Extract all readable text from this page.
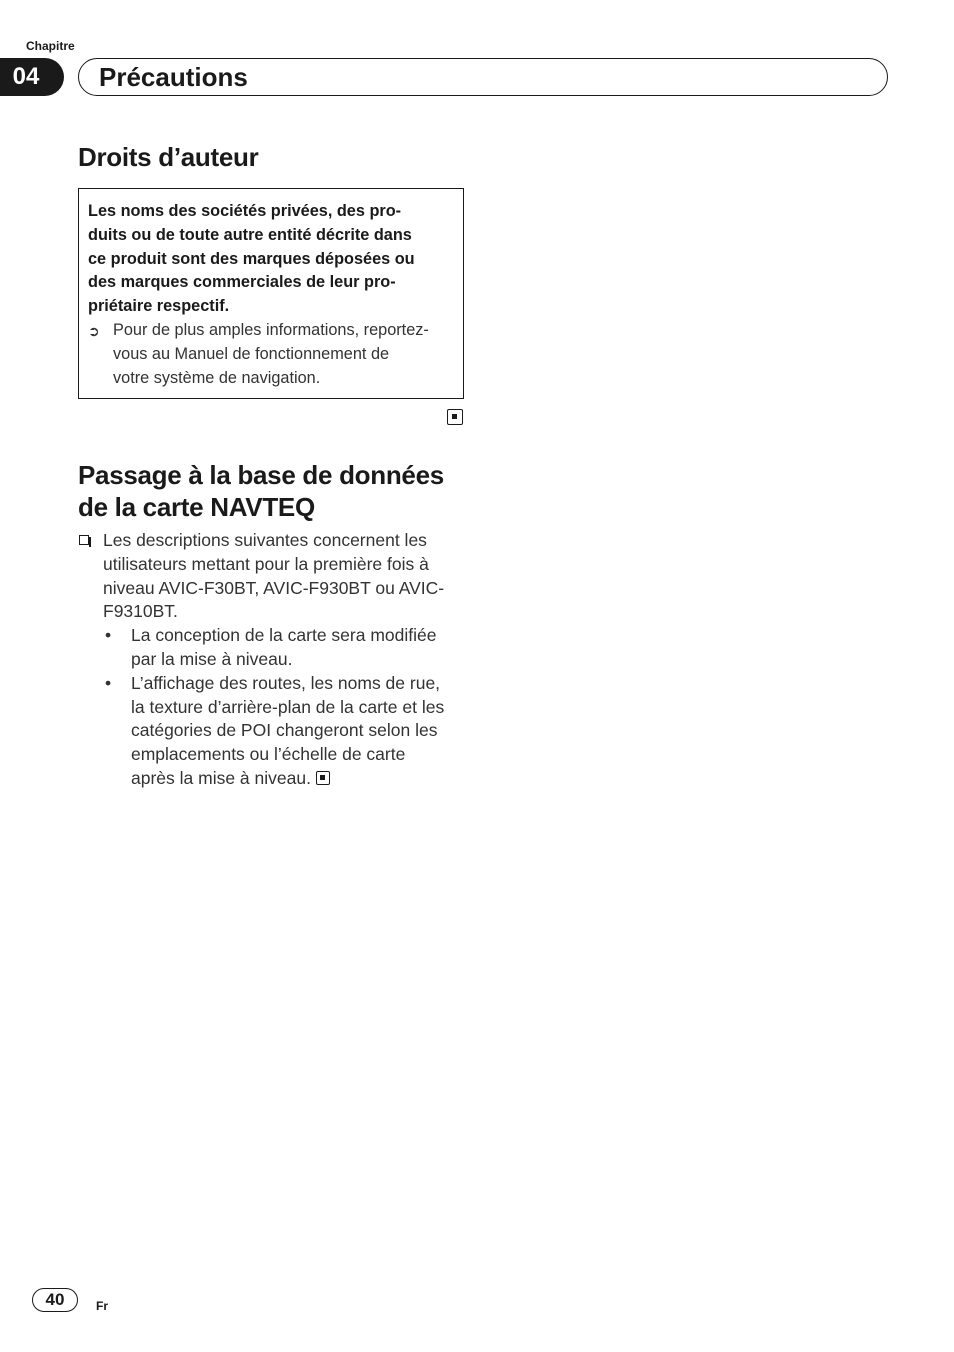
Chapitre
04	Précautions
Droits d’auteur
Les noms des sociétés privées, des pro-
duits ou de toute autre entité décrite dans
ce produit sont des marques déposées ou
des marques commerciales de leur pro-
priétaire respectif.
➲ Pour de plus amples informations, reportez-
vous au Manuel de fonctionnement de
votre système de navigation.
Passage à la base de données
de la carte NAVTEQ
Les descriptions suivantes concernent les
utilisateurs mettant pour la première fois à
niveau AVIC-F30BT, AVIC-F930BT ou AVIC-
F9310BT.
•	La conception de la carte sera modifiée
par la mise à niveau.
•	L’affichage des routes, les noms de rue,
la texture d’arrière-plan de la carte et les
catégories de POI changeront selon les
emplacements ou l’échelle de carte
après la mise à niveau.
40	Fr
